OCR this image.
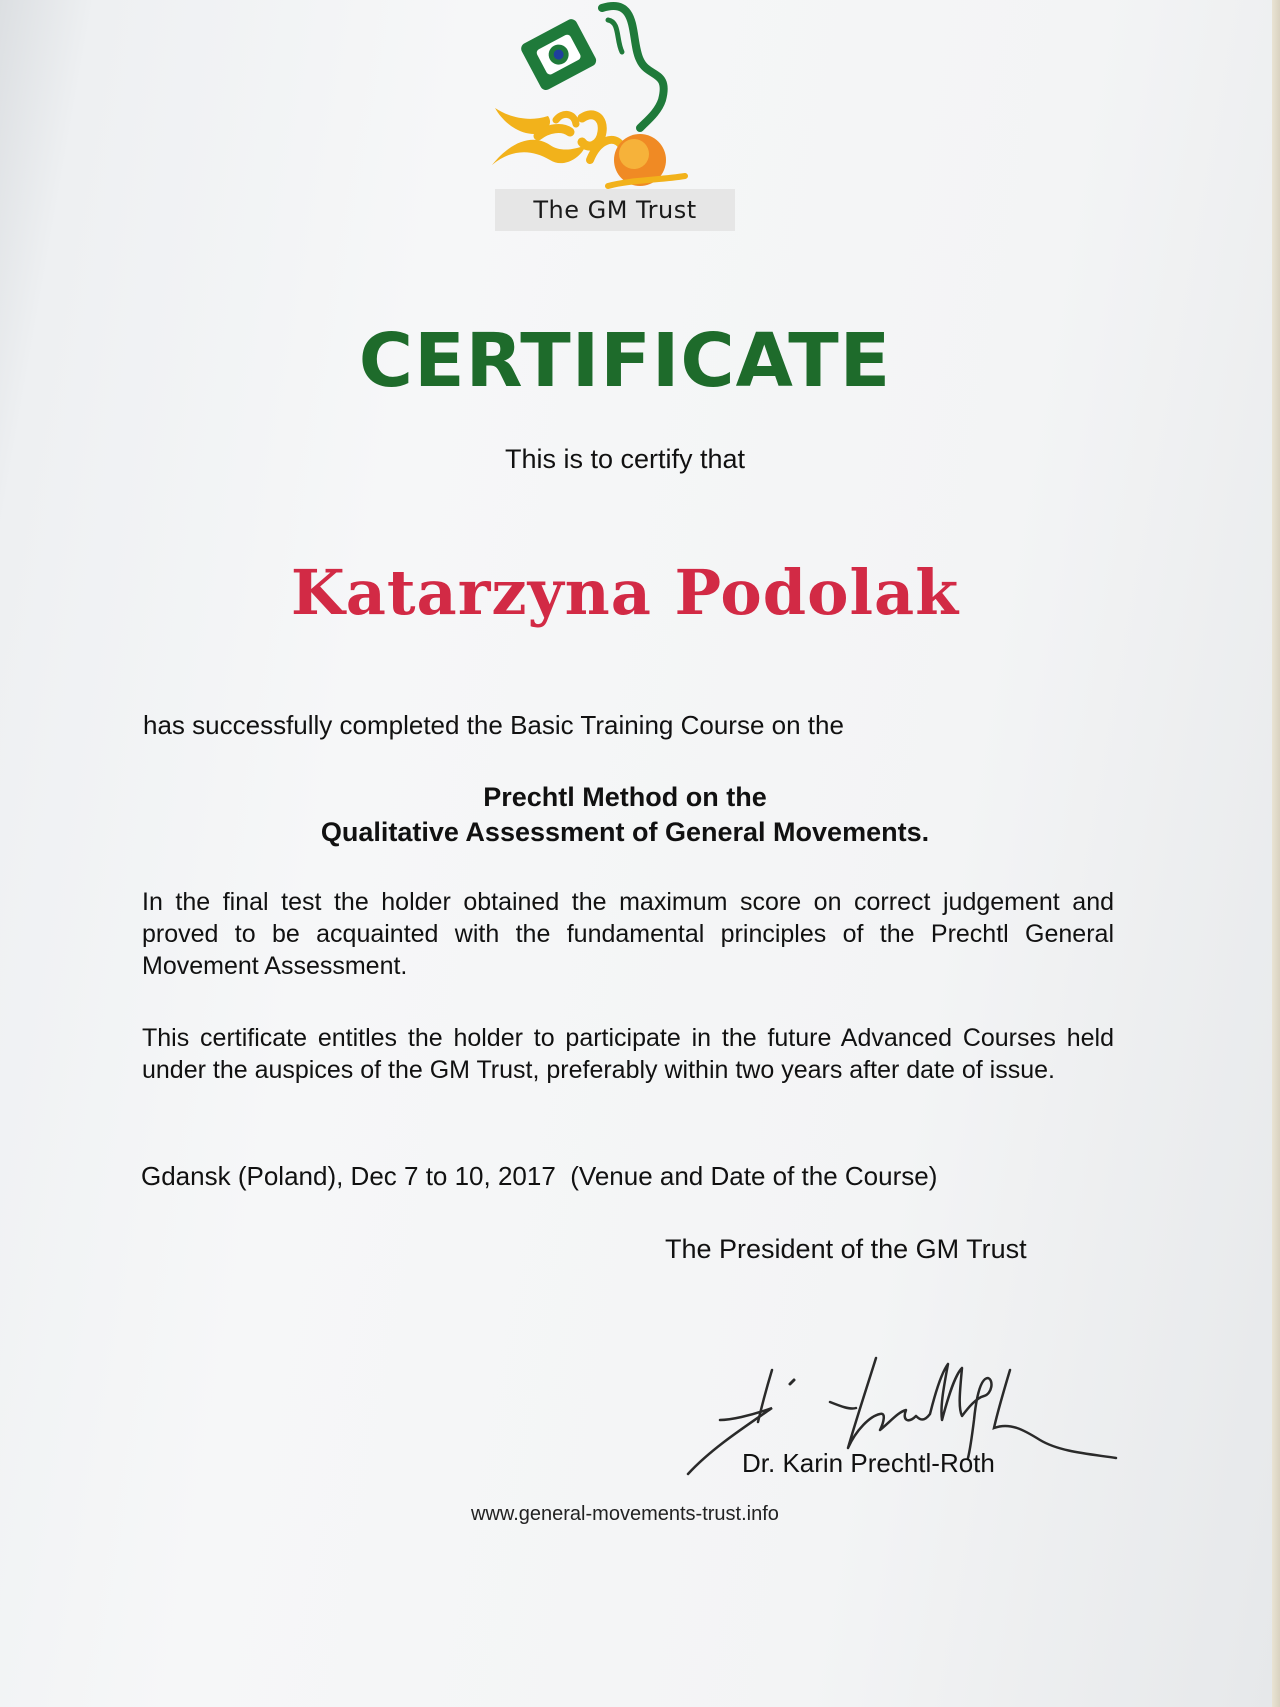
The GM Trust
CERTIFICATE
This is to certify that
Katarzyna Podolak
has successfully completed the Basic Training Course on the
Prechtl Method on the
Qualitative Assessment of General Movements.
In the final test the holder obtained the maximum score on correct judgement and proved to be acquainted with the fundamental principles of the Prechtl General Movement Assessment.
This certificate entitles the holder to participate in the future Advanced Courses held under the auspices of the GM Trust, preferably within two years after date of issue.
Gdansk (Poland), Dec 7 to 10, 2017  (Venue and Date of the Course)
The President of the GM Trust
Dr. Karin Prechtl-Roth
www.general-movements-trust.info
